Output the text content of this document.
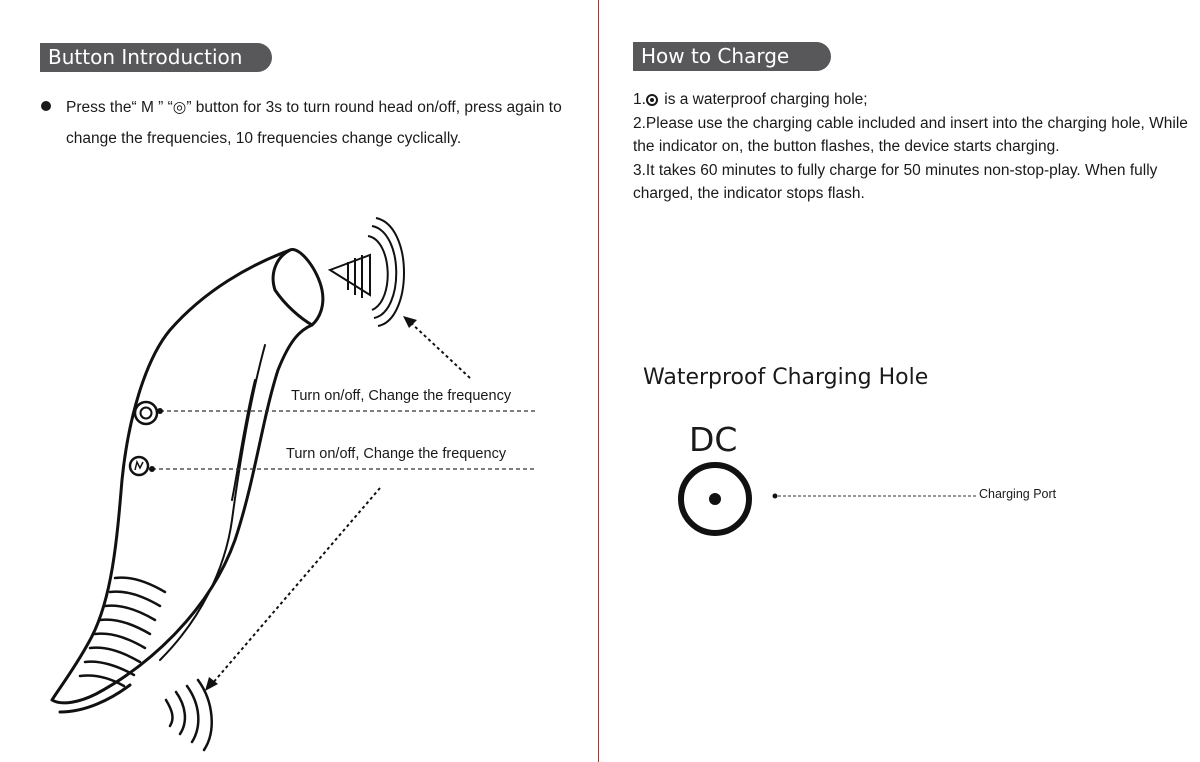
Button Introduction
Press the“ M ” “◎” button for 3s to turn round head on/off, press again to change the frequencies, 10 frequencies change cyclically.
Turn on/off, Change the frequency
Turn on/off, Change the frequency
How to Charge

1. is a waterproof charging hole;

2.Please use the charging cable included and insert into the charging hole, While the indicator on, the button flashes, the device starts charging.

3.It takes 60 minutes to fully charge for 50 minutes non-stop-play. When fully charged, the indicator stops flash.

Waterproof Charging Hole
DC
Charging Port
